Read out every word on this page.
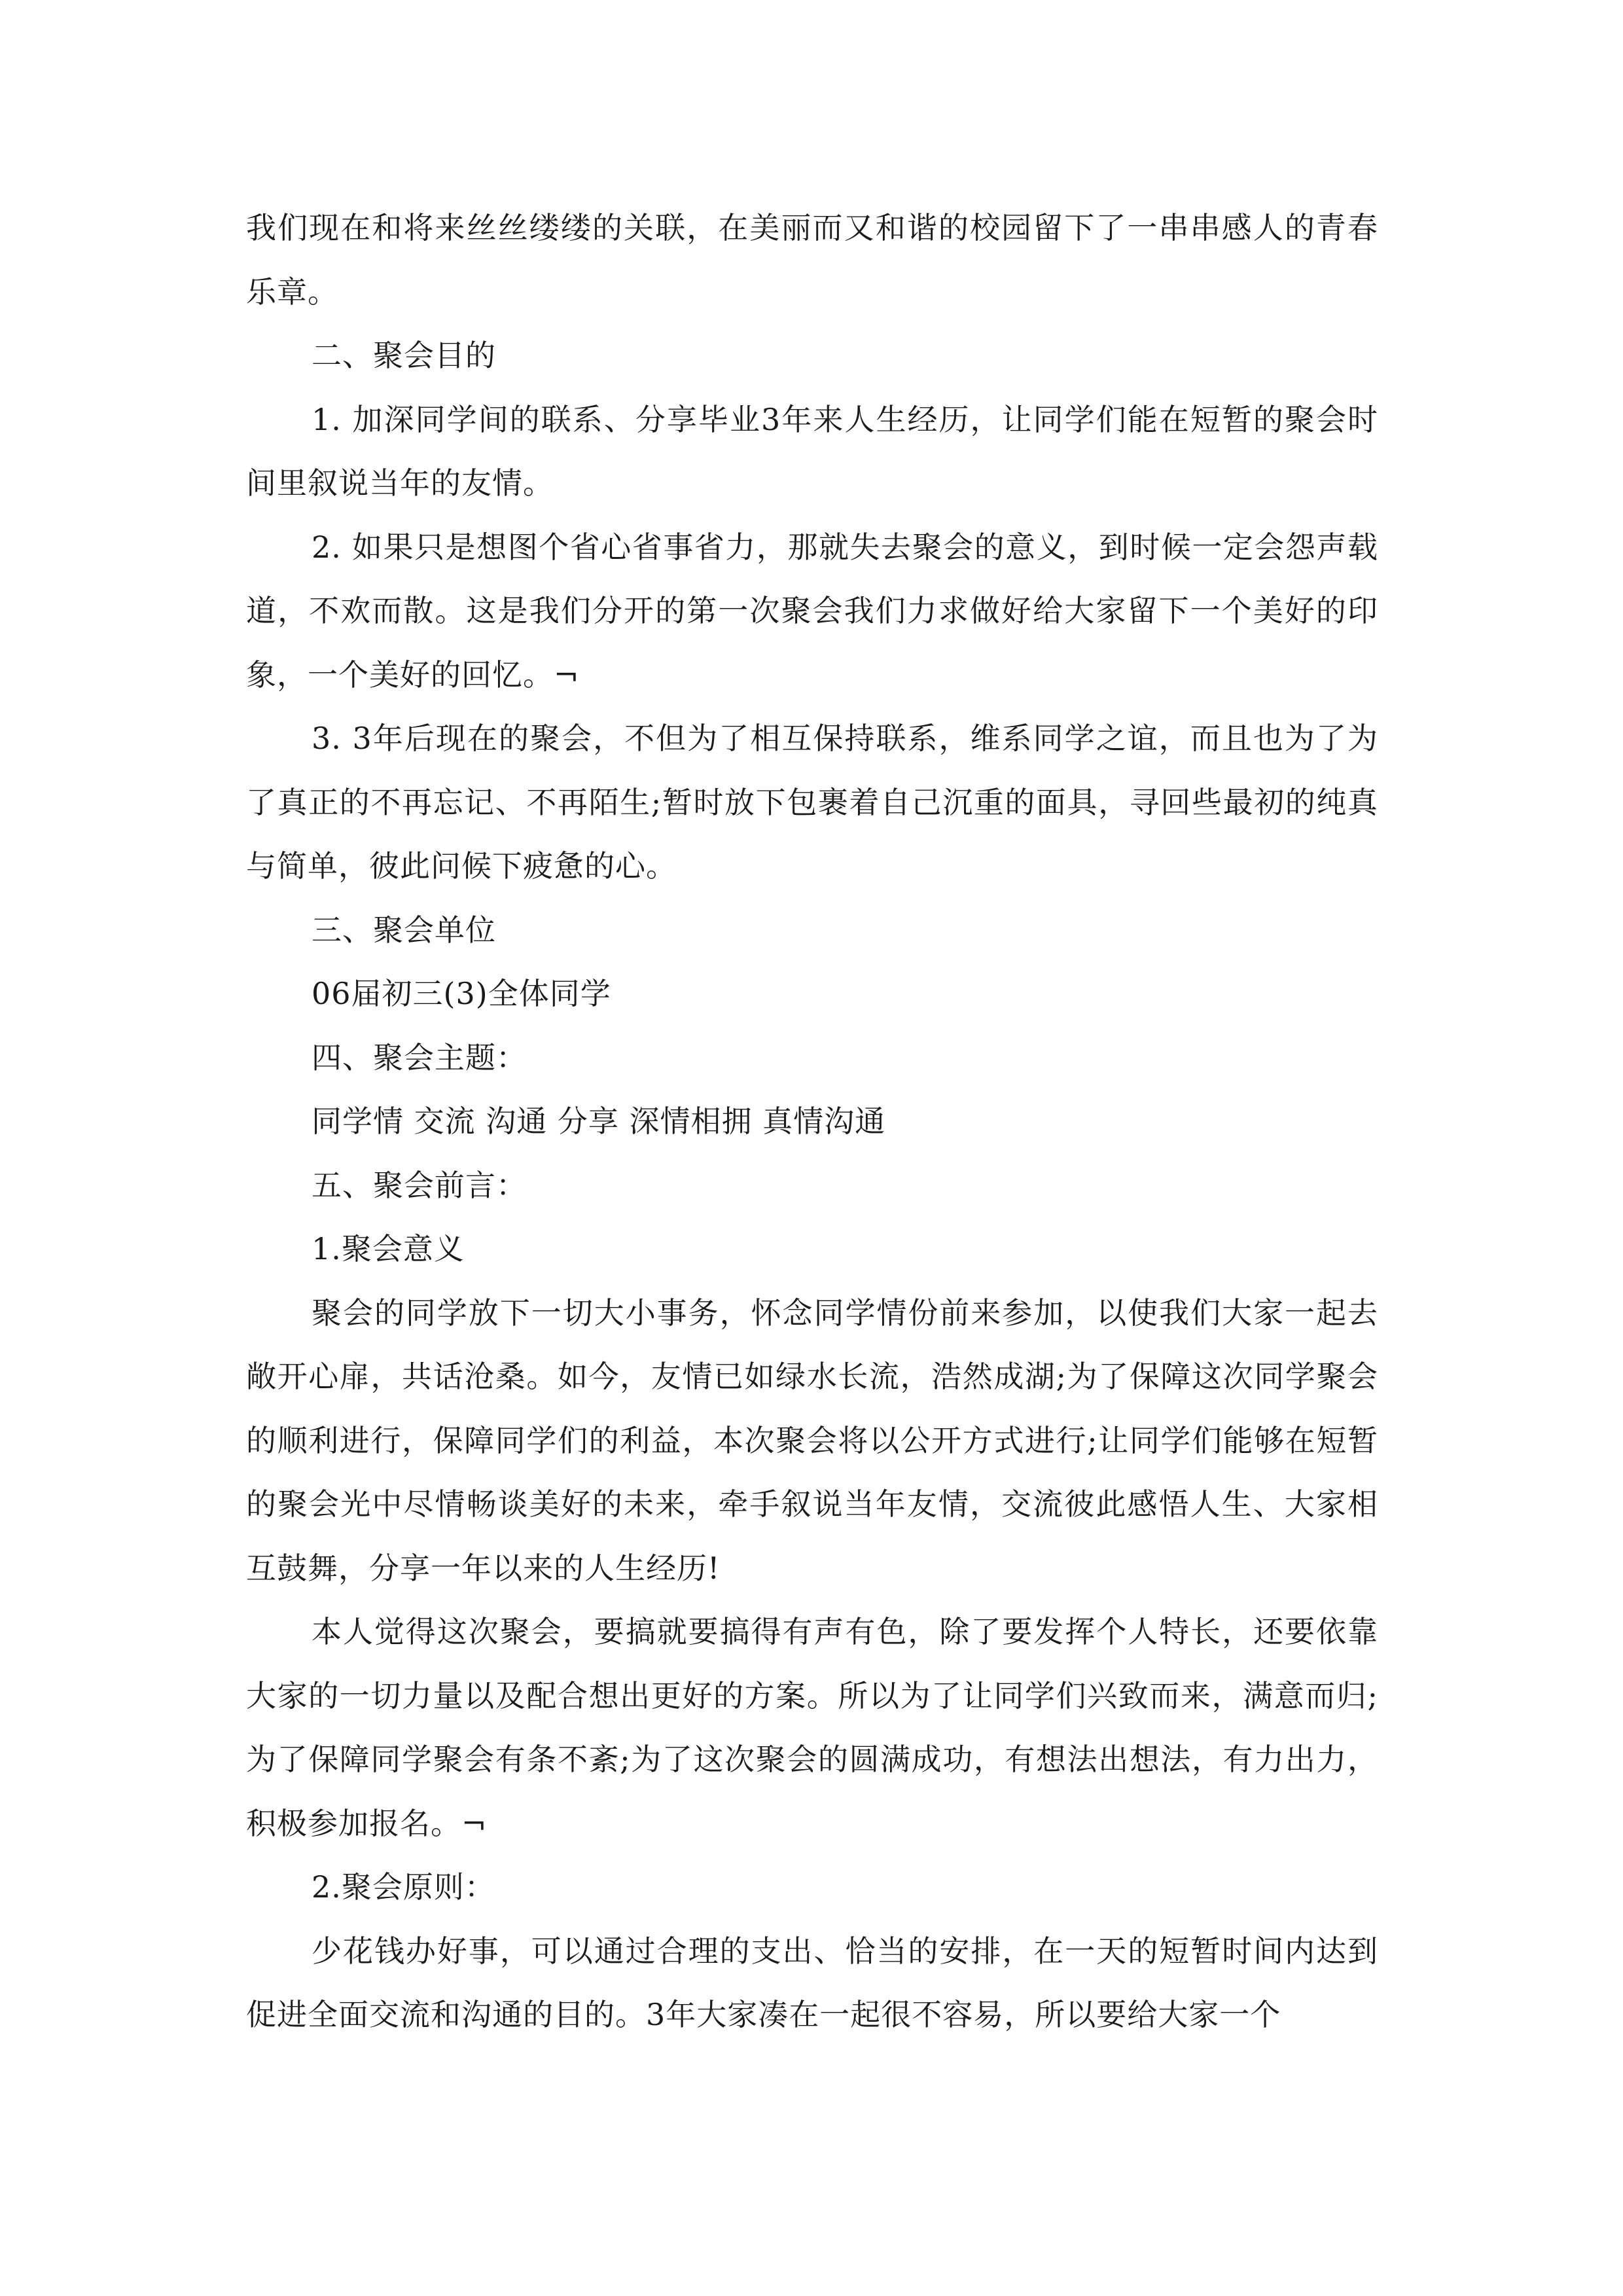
我们现在和将来丝丝缕缕的关联，在美丽而又和谐的校园留下了一串串感人的青春乐章。

二、聚会目的

1. 加深同学间的联系、分享毕业3年来人生经历，让同学们能在短暂的聚会时间里叙说当年的友情。

2. 如果只是想图个省心省事省力，那就失去聚会的意义，到时候一定会怨声载道，不欢而散。这是我们分开的第一次聚会我们力求做好给大家留下一个美好的印象，一个美好的回忆。¬

3. 3年后现在的聚会，不但为了相互保持联系，维系同学之谊，而且也为了为了真正的不再忘记、不再陌生;暂时放下包裹着自己沉重的面具，寻回些最初的纯真与简单，彼此问候下疲惫的心。

三、聚会单位

06届初三(3)全体同学

四、聚会主题：

同学情 交流 沟通 分享 深情相拥 真情沟通

五、聚会前言：

1.聚会意义

聚会的同学放下一切大小事务，怀念同学情份前来参加，以使我们大家一起去敞开心扉，共话沧桑。如今，友情已如绿水长流，浩然成湖;为了保障这次同学聚会的顺利进行，保障同学们的利益，本次聚会将以公开方式进行;让同学们能够在短暂的聚会光中尽情畅谈美好的未来，牵手叙说当年友情，交流彼此感悟人生、大家相互鼓舞，分享一年以来的人生经历!

本人觉得这次聚会，要搞就要搞得有声有色，除了要发挥个人特长，还要依靠大家的一切力量以及配合想出更好的方案。所以为了让同学们兴致而来，满意而归;为了保障同学聚会有条不紊;为了这次聚会的圆满成功，有想法出想法，有力出力，积极参加报名。¬

2.聚会原则：

少花钱办好事，可以通过合理的支出、恰当的安排，在一天的短暂时间内达到促进全面交流和沟通的目的。3年大家凑在一起很不容易，所以要给大家一个
